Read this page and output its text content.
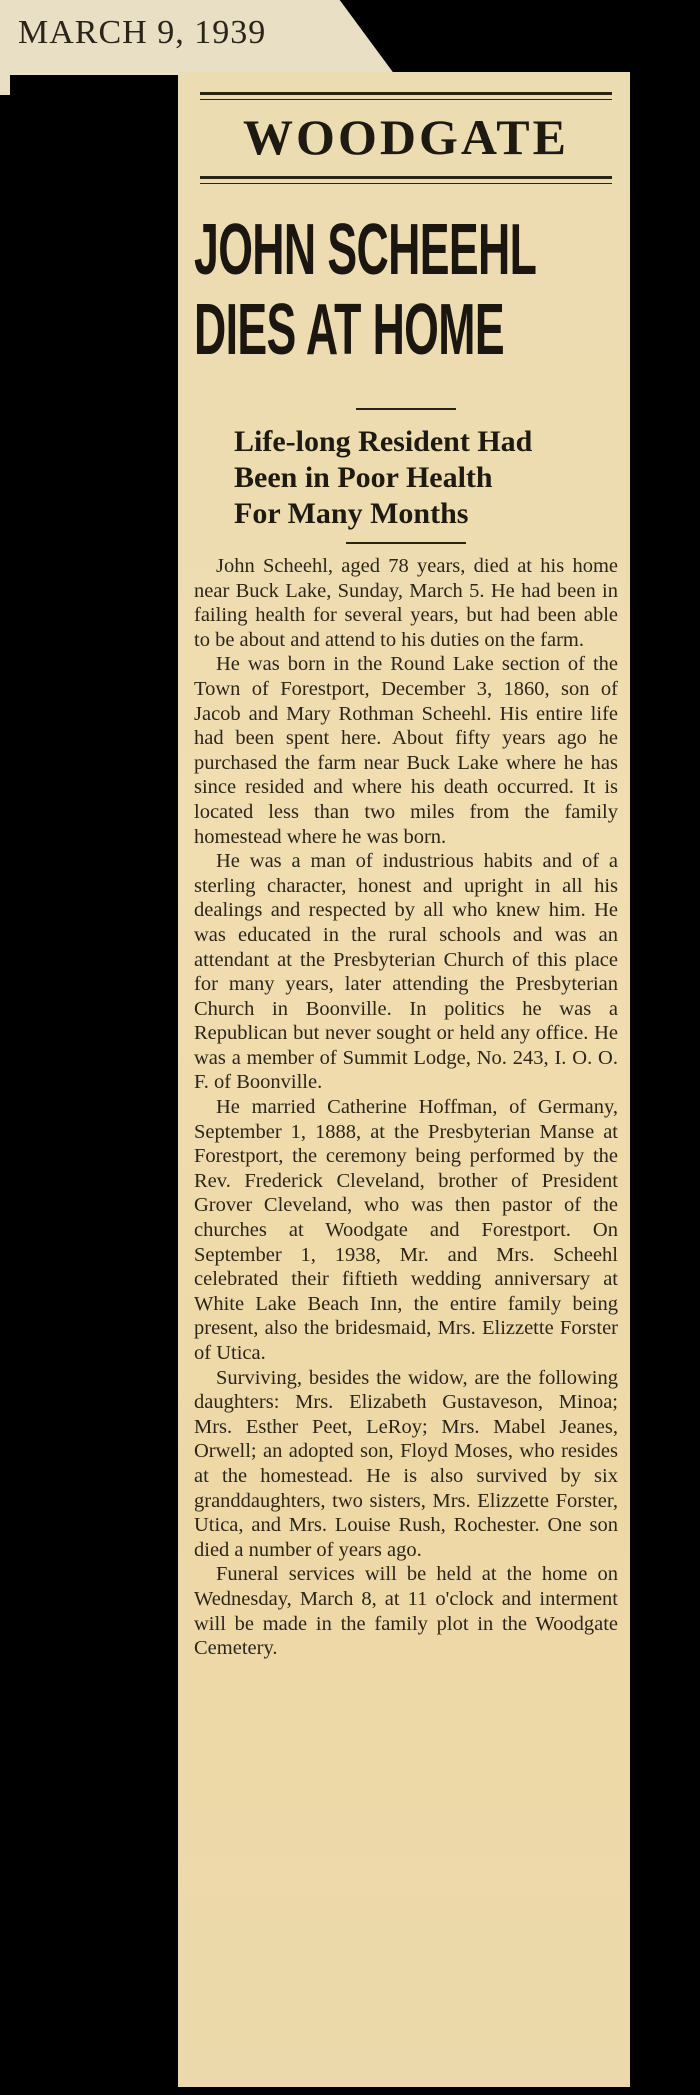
MARCH 9, 1939
WOODGATE
JOHN SCHEEHL
DIES AT HOME
Life-long Resident Had
Been in Poor Health
For Many Months

John Scheehl, aged 78 years, died at his home near Buck Lake, Sunday, March 5. He had been in failing health for several years, but had been able to be about and attend to his duties on the farm.

He was born in the Round Lake section of the Town of Forestport, December 3, 1860, son of Jacob and Mary Rothman Scheehl. His entire life had been spent here. About fifty years ago he purchased the farm near Buck Lake where he has since resided and where his death occurred. It is located less than two miles from the family homestead where he was born.

He was a man of industrious habits and of a sterling character, honest and upright in all his dealings and respected by all who knew him. He was educated in the rural schools and was an attendant at the Presbyterian Church of this place for many years, later attending the Presbyterian Church in Boonville. In politics he was a Republican but never sought or held any office. He was a member of Summit Lodge, No. 243, I. O. O. F. of Boonville.

He married Catherine Hoffman, of Germany, September 1, 1888, at the Presbyterian Manse at Forestport, the ceremony being performed by the Rev. Frederick Cleveland, brother of President Grover Cleveland, who was then pastor of the churches at Woodgate and Forestport. On September 1, 1938, Mr. and Mrs. Scheehl celebrated their fiftieth wedding anniversary at White Lake Beach Inn, the entire family being present, also the bridesmaid, Mrs. Elizzette Forster of Utica.

Surviving, besides the widow, are the following daughters: Mrs. Elizabeth Gustaveson, Minoa; Mrs. Esther Peet, LeRoy; Mrs. Mabel Jeanes, Orwell; an adopted son, Floyd Moses, who resides at the homestead. He is also survived by six granddaughters, two sisters, Mrs. Elizzette Forster, Utica, and Mrs. Louise Rush, Rochester. One son died a number of years ago.

Funeral services will be held at the home on Wednesday, March 8, at 11 o'clock and interment will be made in the family plot in the Woodgate Cemetery.
